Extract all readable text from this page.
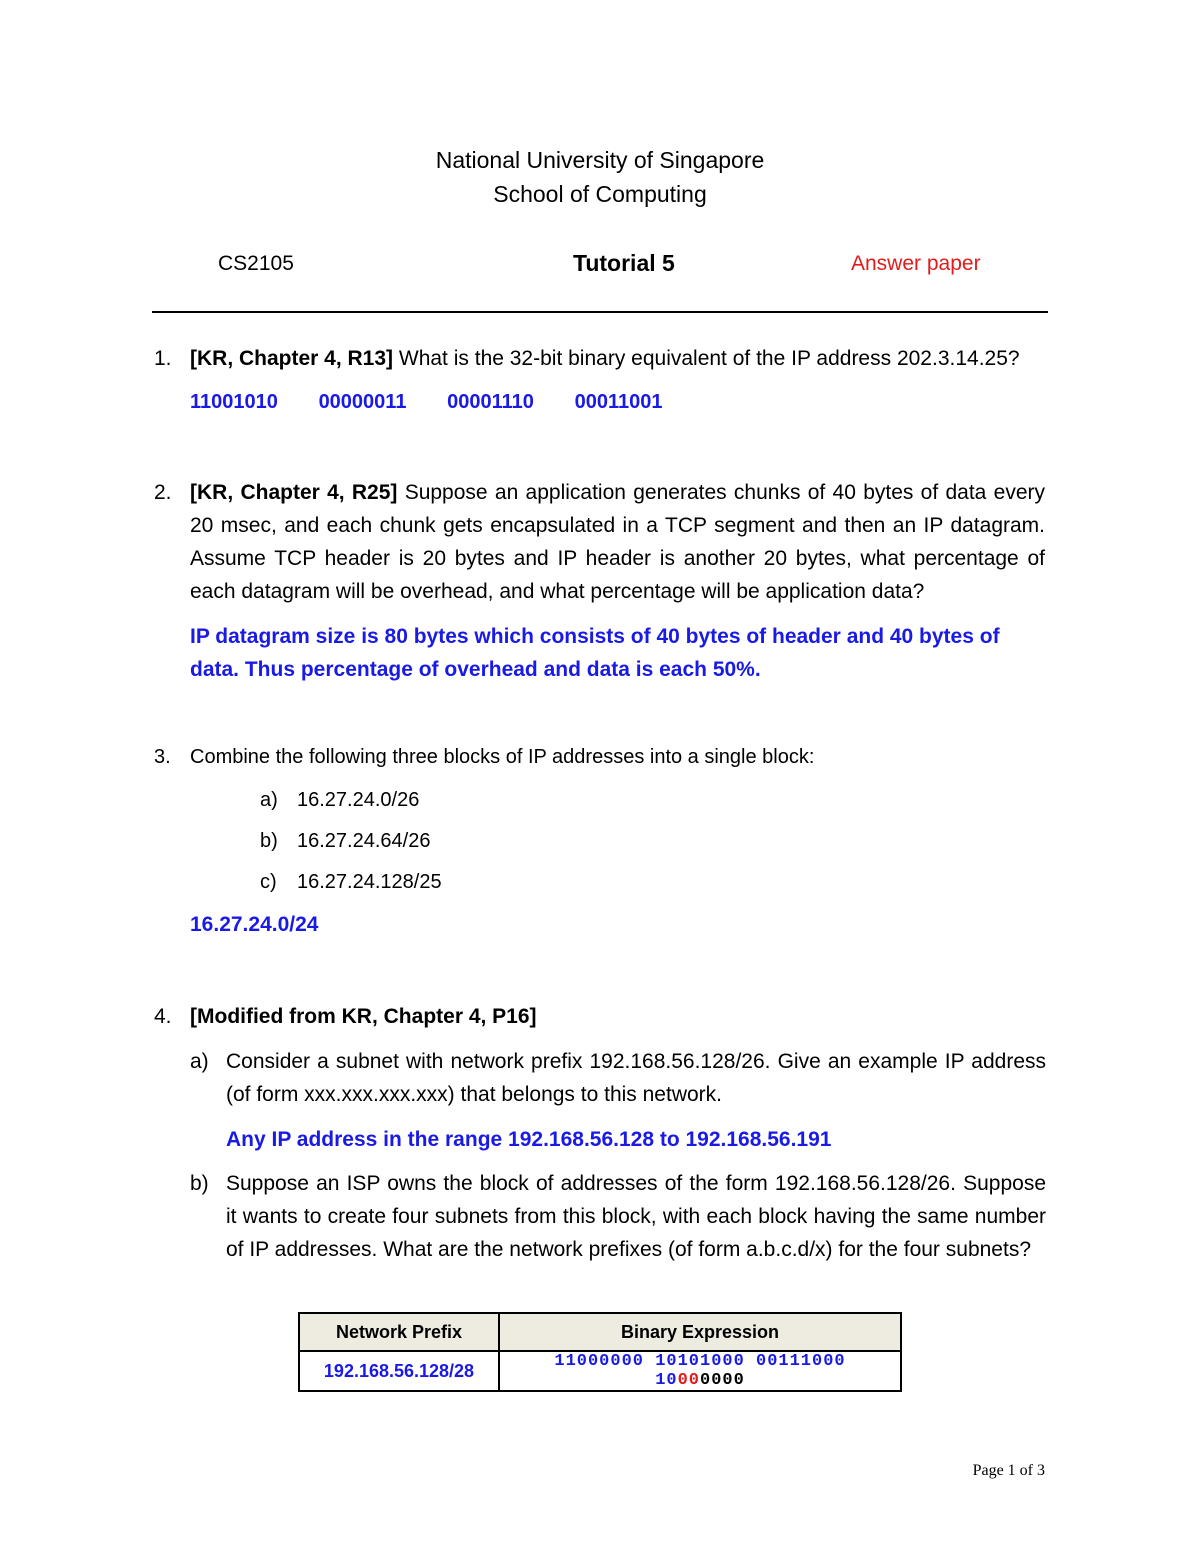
National University of Singapore
School of Computing
CS2105	Tutorial 5	Answer paper
1. [KR, Chapter 4, R13] What is the 32-bit binary equivalent of the IP address 202.3.14.25?
11001010 00000011 00001110 00011001
2. [KR, Chapter 4, R25] Suppose an application generates chunks of 40 bytes of data every 20 msec, and each chunk gets encapsulated in a TCP segment and then an IP datagram. Assume TCP header is 20 bytes and IP header is another 20 bytes, what percentage of each datagram will be overhead, and what percentage will be application data?
IP datagram size is 80 bytes which consists of 40 bytes of header and 40 bytes of data. Thus percentage of overhead and data is each 50%.
3. Combine the following three blocks of IP addresses into a single block:
a) 16.27.24.0/26
b) 16.27.24.64/26
c) 16.27.24.128/25
16.27.24.0/24
4. [Modified from KR, Chapter 4, P16]
a) Consider a subnet with network prefix 192.168.56.128/26. Give an example IP address (of form xxx.xxx.xxx.xxx) that belongs to this network.
Any IP address in the range 192.168.56.128 to 192.168.56.191
b) Suppose an ISP owns the block of addresses of the form 192.168.56.128/26. Suppose it wants to create four subnets from this block, with each block having the same number of IP addresses. What are the network prefixes (of form a.b.c.d/x) for the four subnets?
Network Prefix	Binary Expression
192.168.56.128/28	11000000 10101000 00111000 10000000
Page 1 of 3
